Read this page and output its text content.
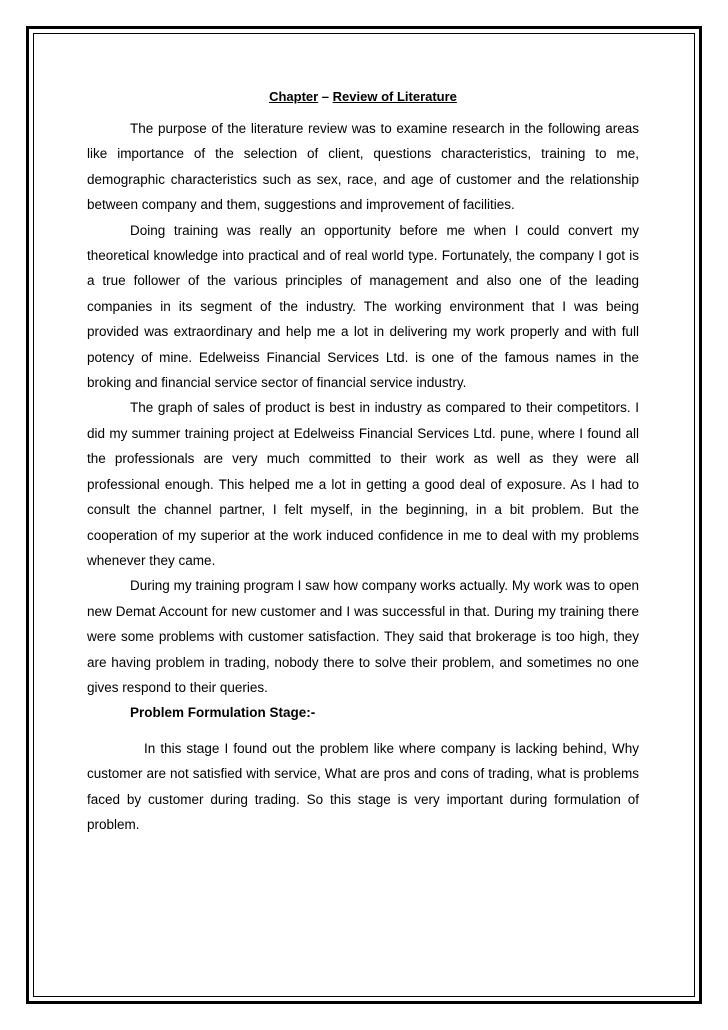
Chapter – Review of Literature

The purpose of the literature review was to examine research in the following areas like importance of the selection of client, questions characteristics, training to me, demographic characteristics such as sex, race, and age of customer and the relationship between company and them, suggestions and improvement of facilities.

Doing training was really an opportunity before me when I could convert my theoretical knowledge into practical and of real world type. Fortunately, the company I got is a true follower of the various principles of management and also one of the leading companies in its segment of the industry. The working environment that I was being provided was extraordinary and help me a lot in delivering my work properly and with full potency of mine. Edelweiss Financial Services Ltd. is one of the famous names in the broking and financial service sector of financial service industry.

The graph of sales of product is best in industry as compared to their competitors. I did my summer training project at Edelweiss Financial Services Ltd. pune, where I found all the professionals are very much committed to their work as well as they were all professional enough. This helped me a lot in getting a good deal of exposure. As I had to consult the channel partner, I felt myself, in the beginning, in a bit problem. But the cooperation of my superior at the work induced confidence in me to deal with my problems whenever they came.

During my training program I saw how company works actually. My work was to open new Demat Account for new customer and I was successful in that. During my training there were some problems with customer satisfaction. They said that brokerage is too high, they are having problem in trading, nobody there to solve their problem, and sometimes no one gives respond to their queries.

Problem Formulation Stage:-

In this stage I found out the problem like where company is lacking behind, Why customer are not satisfied with service, What are pros and cons of trading, what is problems faced by customer during trading. So this stage is very important during formulation of problem.
